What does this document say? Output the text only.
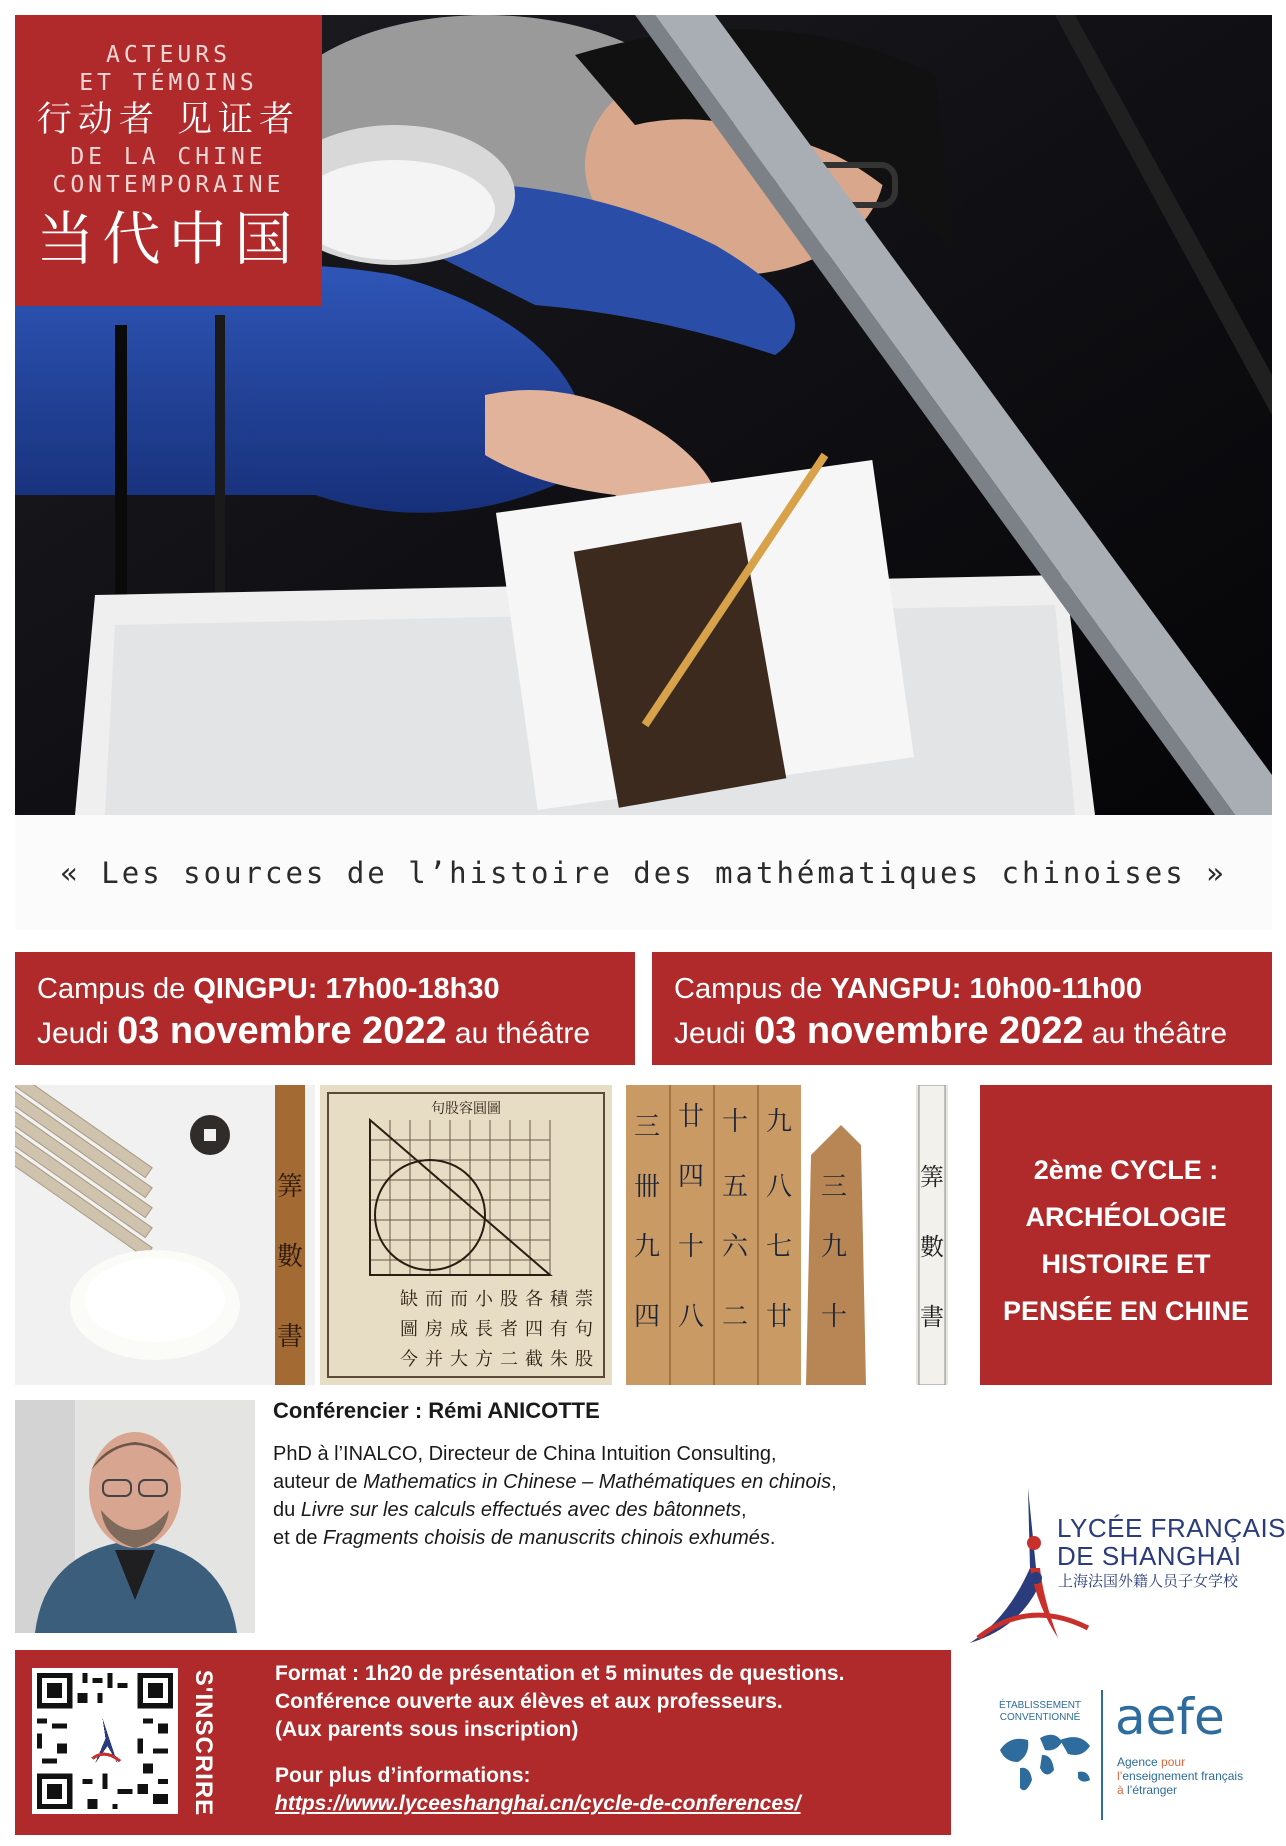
ACTEURS
ET TÉMOINS
行动者 见证者
DE LA CHINE
CONTEMPORAINE
当代中国
« Les sources de l’histoire des mathématiques chinoises »
Campus de QINGPU: 17h00-18h30
Jeudi 03 novembre 2022 au théâtre
Campus de YANGPU: 10h00-11h00
Jeudi 03 novembre 2022 au théâtre
筭
數
書
句股容圓圖
萗
積
各
股
小
而
而
缺
句
有
四
者
長
成
房
圖
股
朱
截
二
方
大
并
今
三 廿 十 九
卌 四 五 八
九 十 六 七
四 八 二 廿
三
九
十
筭
數
書
2ème CYCLE :
ARCHÉOLOGIE
HISTOIRE ET
PENSÉE EN CHINE
Conférencier : Rémi ANICOTTE
PhD à l’INALCO, Directeur de China Intuition Consulting,
auteur de Mathematics in Chinese – Mathématiques en chinois,
du Livre sur les calculs effectués avec des bâtonnets,
et de Fragments choisis de manuscrits chinois exhumés.	LYCÉE FRANÇAIS
DE SHANGHAI
上海法国外籍人员子女学校
S'INSCRIRE	Format : 1h20 de présentation et 5 minutes de questions.
Conférence ouverte aux élèves et aux professeurs.
(Aux parents sous inscription)
Pour plus d’informations:
https://www.lyceeshanghai.cn/cycle-de-conferences/
ÉTABLISSEMENT
CONVENTIONNÉ aefe
Agence pour
l’enseignement français
à l’étranger
